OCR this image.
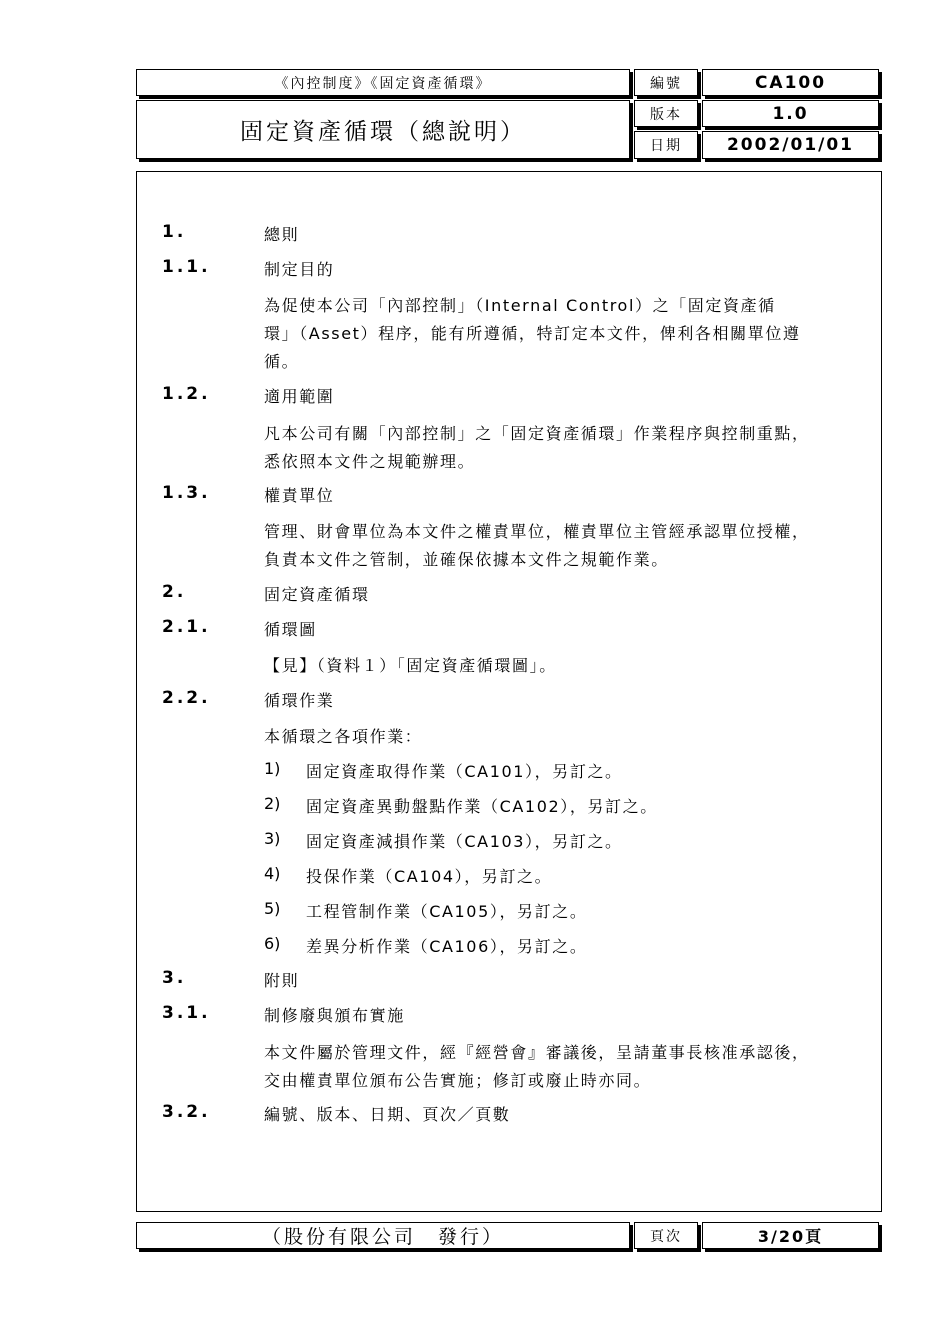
《內控制度》《固定資產循環》
固定資產循環（總說明）
編號	CA100
版本	1.0
日期	2002/01/01
1.	總則
1.1.	制定目的
為促使本公司「內部控制」（Internal Control）之「固定資產循
環」（Asset）程序，能有所遵循，特訂定本文件，俾利各相關單位遵
循。
1.2.	適用範圍
凡本公司有關「內部控制」之「固定資產循環」作業程序與控制重點，
悉依照本文件之規範辦理。
1.3.	權責單位
管理、財會單位為本文件之權責單位，權責單位主管經承認單位授權，
負責本文件之管制，並確保依據本文件之規範作業。
2.	固定資產循環
2.1.	循環圖
【見】（資料１）「固定資產循環圖」。
2.2.	循環作業
本循環之各項作業：
1) 固定資產取得作業（CA101），另訂之。
2) 固定資產異動盤點作業（CA102），另訂之。
3) 固定資產減損作業（CA103），另訂之。
4) 投保作業（CA104），另訂之。
5) 工程管制作業（CA105），另訂之。
6) 差異分析作業（CA106），另訂之。
3.	附則
3.1.	制修廢與頒布實施
本文件屬於管理文件，經『經營會』審議後，呈請董事長核准承認後，
交由權責單位頒布公告實施；修訂或廢止時亦同。
3.2.	編號、版本、日期、頁次／頁數
（股份有限公司　發行）	頁次	3/20頁
